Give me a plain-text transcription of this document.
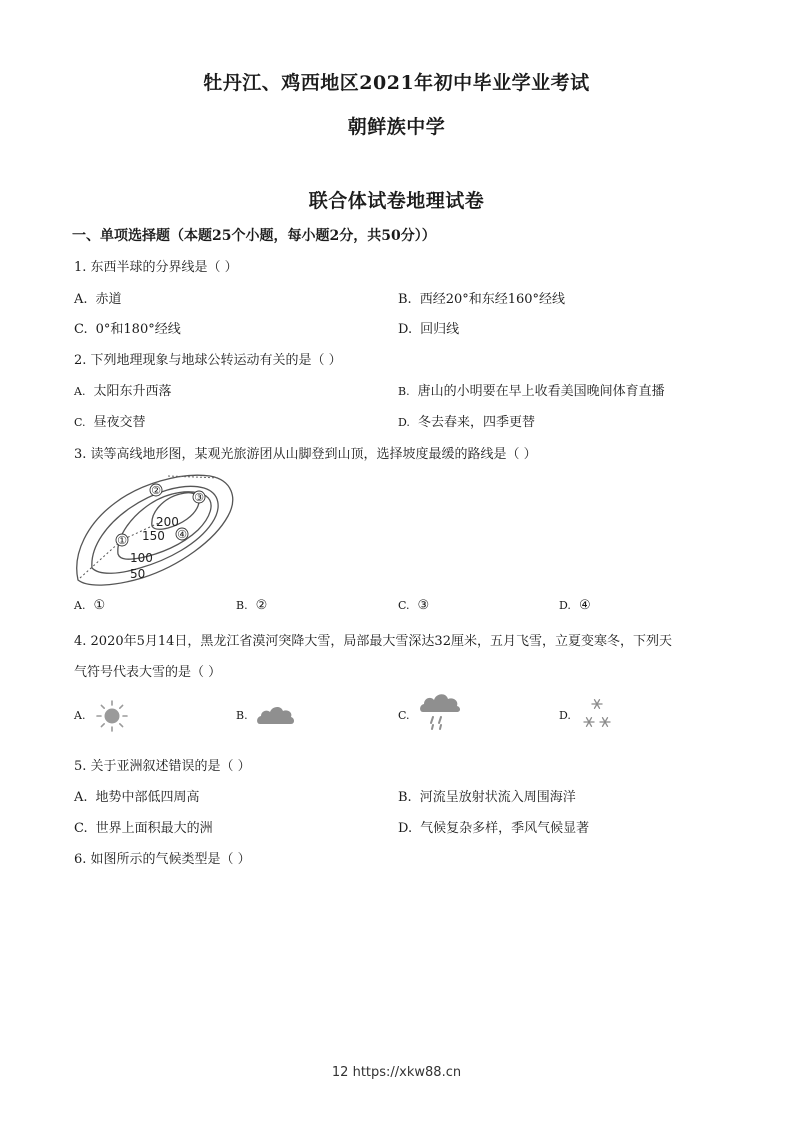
牡丹江、鸡西地区2021年初中毕业学业考试
朝鲜族中学
联合体试卷地理试卷
一、单项选择题（本题25个小题，每小题2分，共50分））
1. 东西半球的分界线是（ ）
A. 赤道	B. 西经20°和东经160°经线
C. 0°和180°经线	D. 回归线
2. 下列地理现象与地球公转运动有关的是（ ）
A. 太阳东升西落	B. 唐山的小明要在早上收看美国晚间体育直播
C. 昼夜交替	D. 冬去春来，四季更替
3. 读等高线地形图，某观光旅游团从山脚登到山顶，选择坡度最缓的路线是（ ）
①
②
③
④
200
150
100
50
A. ①	B. ②	C. ③	D. ④
4. 2020年5月14日，黑龙江省漠河突降大雪，局部最大雪深达32厘米，五月飞雪，立夏变寒冬，下列天
气符号代表大雪的是（ ）
A.	B.	C.	D.
5. 关于亚洲叙述错误的是（ ）
A. 地势中部低四周高	B. 河流呈放射状流入周围海洋
C. 世界上面积最大的洲	D. 气候复杂多样，季风气候显著
6. 如图所示的气候类型是（ ）
12 https://xkw88.cn
